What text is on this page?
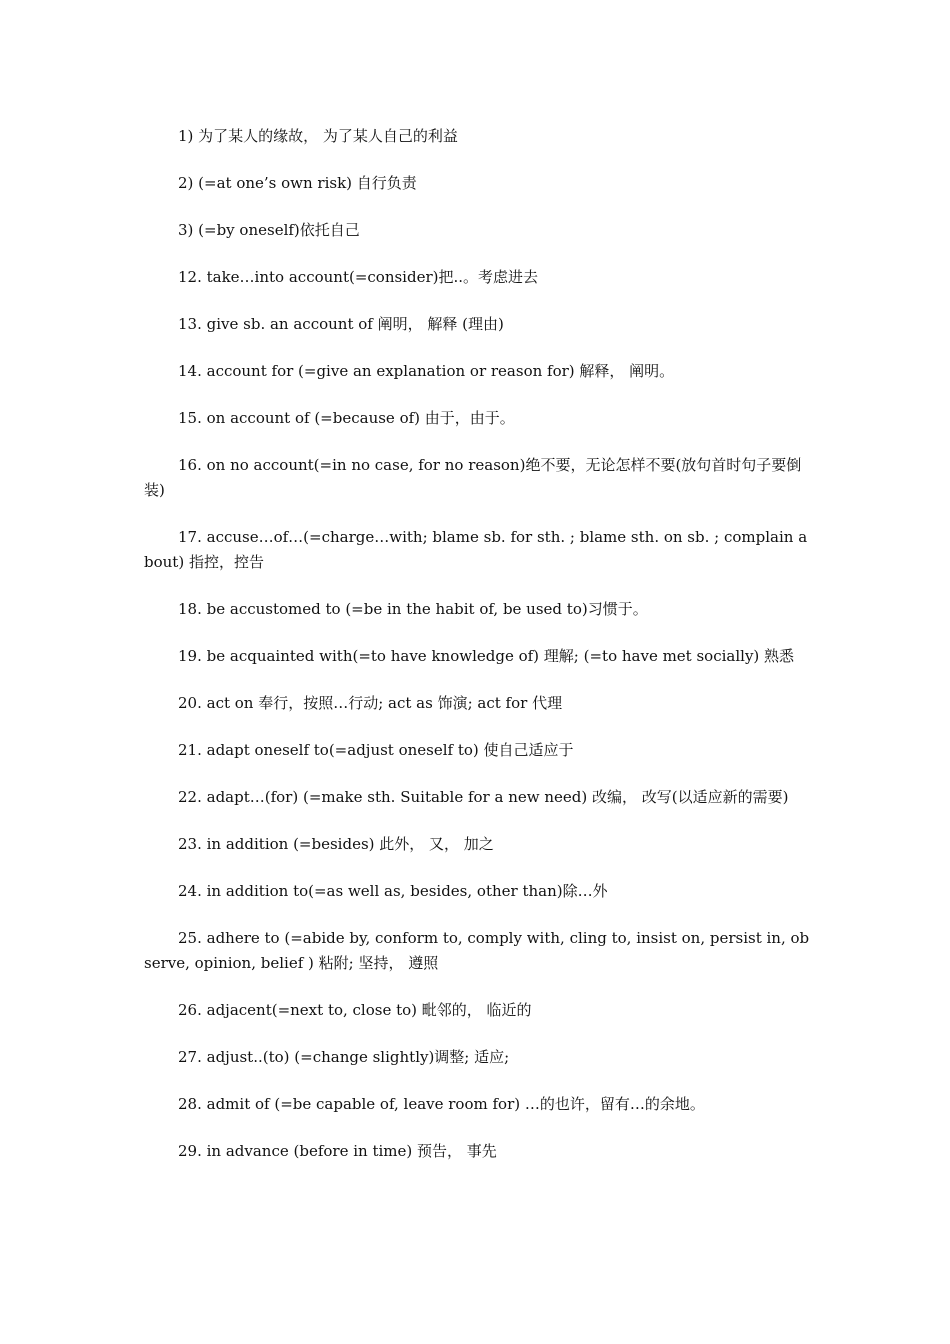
1) 为了某人的缘故， 为了某人自己的利益

2) (=at one’s own risk) 自行负责

3) (=by oneself)依托自己

12. take…into account(=consider)把..。考虑进去

13. give sb. an account of 阐明， 解释 (理由)

14. account for (=give an explanation or reason for) 解释， 阐明。

15. on account of (=because of) 由于，由于。

16. on no account(=in no case, for no reason)绝不要，无论怎样不要(放句首时句子要倒装)

17. accuse…of…(=charge…with; blame sb. for sth. ; blame sth. on sb. ; complain about) 指控，控告

18. be accustomed to (=be in the habit of, be used to)习惯于。

19. be acquainted with(=to have knowledge of) 理解; (=to have met socially) 熟悉

20. act on 奉行，按照…行动; act as 饰演; act for 代理

21. adapt oneself to(=adjust oneself to) 使自己适应于

22. adapt…(for) (=make sth. Suitable for a new need) 改编， 改写(以适应新的需要)

23. in addition (=besides) 此外， 又， 加之

24. in addition to(=as well as, besides, other than)除…外

25. adhere to (=abide by, conform to, comply with, cling to, insist on, persist in, observe, opinion, belief ) 粘附; 坚持， 遵照

26. adjacent(=next to, close to) 毗邻的， 临近的

27. adjust..(to) (=change slightly)调整; 适应;

28. admit of (=be capable of, leave room for) …的也许，留有…的余地。

29. in advance (before in time) 预告， 事先
